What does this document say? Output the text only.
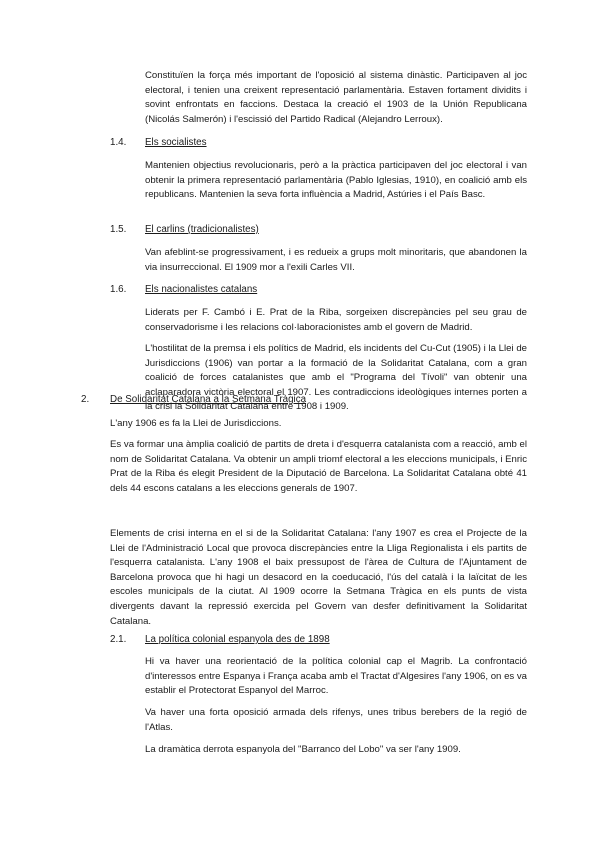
Constituïen la força més important de l'oposició al sistema dinàstic. Participaven al joc electoral, i tenien una creixent representació parlamentària. Estaven fortament dividits i sovint enfrontats en faccions. Destaca la creació el 1903 de la Unión Republicana (Nicolás Salmerón) i l'escissió del Partido Radical (Alejandro Lerroux).

1.4. Els socialistes

Mantenien objectius revolucionaris, però a la pràctica participaven del joc electoral i van obtenir la primera representació parlamentària (Pablo Iglesias, 1910), en coalició amb els republicans. Mantenien la seva forta influència a Madrid, Astúries i el País Basc.

1.5. El carlins (tradicionalistes)

Van afeblint-se progressivament, i es redueix a grups molt minoritaris, que abandonen la via insurreccional. El 1909 mor a l'exili Carles VII.

1.6. Els nacionalistes catalans

Liderats per F. Cambó i E. Prat de la Riba, sorgeixen discrepàncies pel seu grau de conservadorisme i les relacions col·laboracionistes amb el govern de Madrid.

L'hostilitat de la premsa i els polítics de Madrid, els incidents del Cu-Cut (1905) i la Llei de Jurisdiccions (1906) van portar a la formació de la Solidaritat Catalana, com a gran coalició de forces catalanistes que amb el "Programa del Tívoli" van obtenir una aclaparadora victòria electoral el 1907. Les contradiccions ideològiques internes porten a la crisi la Solidaritat Catalana entre 1908 i 1909.

2. De Solidaritat Catalana a la Setmana Tràgica

L'any 1906 es fa la Llei de Jurisdiccions.

Es va formar una àmplia coalició de partits de dreta i d'esquerra catalanista com a reacció, amb el nom de Solidaritat Catalana. Va obtenir un ampli triomf electoral a les eleccions municipals, i Enric Prat de la Riba és elegit President de la Diputació de Barcelona. La Solidaritat Catalana obté 41 dels 44 escons catalans a les eleccions generals de 1907.

Elements de crisi interna en el si de la Solidaritat Catalana: l'any 1907 es crea el Projecte de la Llei de l'Administració Local que provoca discrepàncies entre la Lliga Regionalista i els partits de l'esquerra catalanista. L'any 1908 el baix pressupost de l'àrea de Cultura de l'Ajuntament de Barcelona provoca que hi hagi un desacord en la coeducació, l'ús del català i la laïcitat de les escoles municipals de la ciutat. Al 1909 ocorre la Setmana Tràgica en els punts de vista divergents davant la repressió exercida pel Govern van desfer definitivament la Solidaritat Catalana.

2.1. La política colonial espanyola des de 1898

Hi va haver una reorientació de la política colonial cap el Magrib. La confrontació d'interessos entre Espanya i França acaba amb el Tractat d'Algesires l'any 1906, on es va establir el Protectorat Espanyol del Marroc.

Va haver una forta oposició armada dels rifenys, unes tribus berebers de la regió de l'Atlas.

La dramàtica derrota espanyola del "Barranco del Lobo" va ser l'any 1909.
